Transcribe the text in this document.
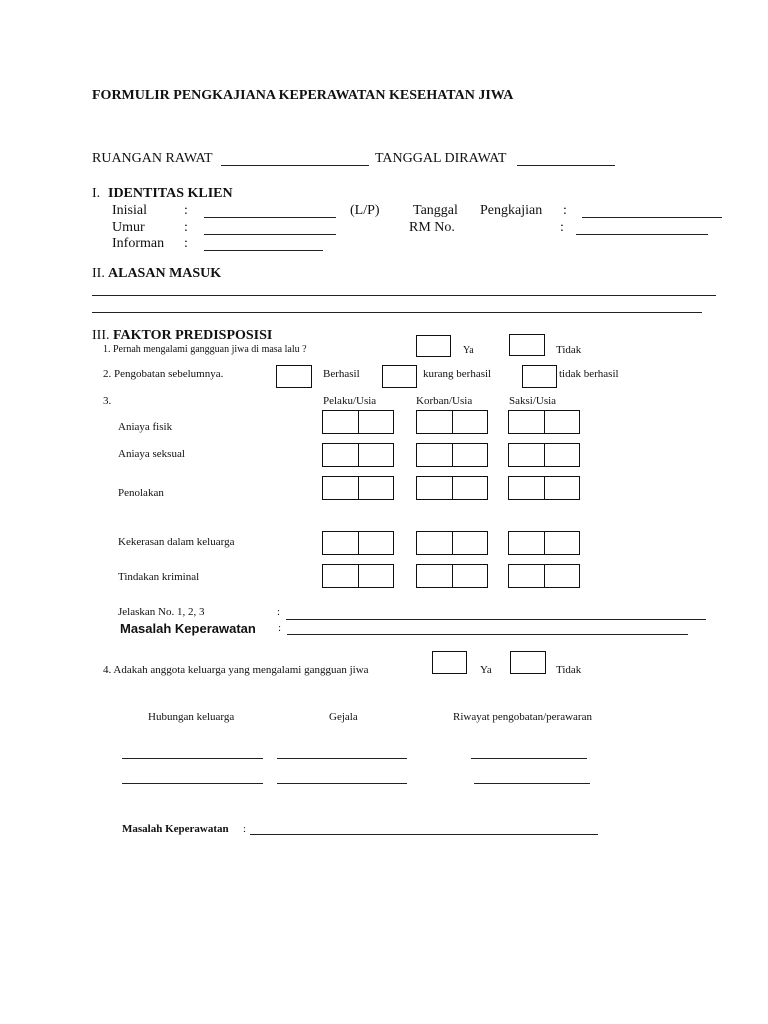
FORMULIR PENGKAJIANA KEPERAWATAN KESEHATAN JIWA
RUANGAN RAWAT	TANGGAL DIRAWAT
I. IDENTITAS KLIEN
Inisial	:	(L/P) Tanggal Pengkajian :
Umur	:	RM No.	:
Informan :
II. ALASAN MASUK
III. FAKTOR PREDISPOSISI
1. Pernah mengalami gangguan jiwa di masa lalu ?	Ya	Tidak
2. Pengobatan sebelumnya.	Berhasil	kurang berhasil	tidak berhasil
3.	Pelaku/Usia	Korban/Usia	Saksi/Usia
Aniaya fisik
Aniaya seksual
Penolakan
Kekerasan dalam keluarga
Tindakan kriminal
Jelaskan No. 1, 2, 3	:
Masalah Keperawatan :
4. Adakah anggota keluarga yang mengalami gangguan jiwa	Ya	Tidak
Hubungan keluarga	Gejala	Riwayat pengobatan/perawaran
Masalah Keperawatan :
